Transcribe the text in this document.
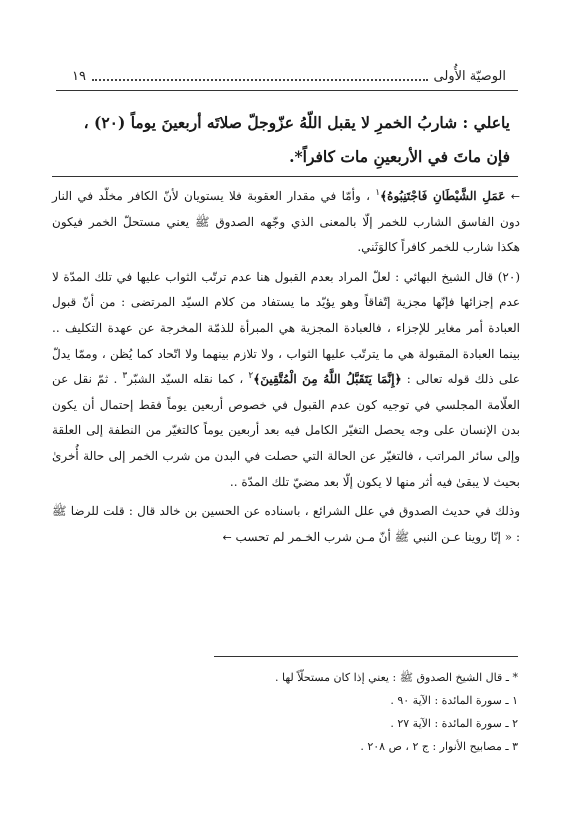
الوصيّة الأُولى
١٩
ياعلي : شاربُ الخمرِ لا يقبل اللّهُ عزّوجلّ صلاتَه أربعينَ يوماً (٢٠) ،
فإن ماتَ في الأربعينِ مات كافراً*.

← عَمَلِ الشَّيْطَانِ فَاجْتَنِبُوهُ﴾$^١$ ، وأمّا في مقدار العقوبة فلا يستويان لأنّ الكافر مخلّد في النار دون الفاسق الشارب للخمر إلّا بالمعنى الذي وجّهه الصدوق ﷺ يعني مستحلّ الخمر فيكون هكذا شارب للخمر كافراً كالوَثَني.

(٢٠) قال الشيخ البهائي : لعلّ المراد بعدم القبول هنا عدم ترتّب الثواب عليها في تلك المدّة لا عدم إجزائها فإنّها مجزية إتّفاقاً وهو يؤيّد ما يستفاد من كلام السيّد المرتضى : من أنّ قبول العبادة أمر مغاير للإجزاء ، فالعبادة المجزية هي المبرأة للذمّة المخرجة عن عهدة التكليف .. بينما العبادة المقبولة هي ما يترتّب عليها الثواب ، ولا تلازم بينهما ولا اتّحاد كما يُظن ، وممّا يدلّ على ذلك قوله تعالى : ﴿إِنَّمَا يَتَقَبَّلُ اللَّهُ مِنَ الْمُتَّقِينَ﴾$^٢$ ، كما نقله السيّد الشبّر$^٣$ . ثمّ نقل عن العلّامة المجلسي في توجيه كون عدم القبول في خصوص أربعين يوماً فقط إحتمال أن يكون بدن الإنسان على وجه يحصل التغيّر الكامل فيه بعد أربعين يوماً كالتغيّر من النطفة إلى العلقة وإلى سائر المراتب ، فالتغيّر عن الحالة التي حصلت في البدن من شرب الخمر إلى حالة أُخرىٰ بحيث لا يبقىٰ فيه أثر منها لا يكون إلّا بعد مضيّ تلك المدّة ..

وذلك في حديث الصدوق في علل الشرائع ، باسناده عن الحسين بن خالد قال : قلت للرضا ﷺ : « إنّا روينا عـن النبي ﷺ أنّ مـن شرب الخـمر لم تحسب ←

* ـ قال الشيخ الصدوق ﷺ : يعني إذا كان مستحلّاً لها .
١ ـ سورة المائدة : الآية ٩٠ .
٢ ـ سورة المائدة : الآية ٢٧ .
٣ ـ مصابيح الأنوار : ج ٢ ، ص ٢٠٨ .
